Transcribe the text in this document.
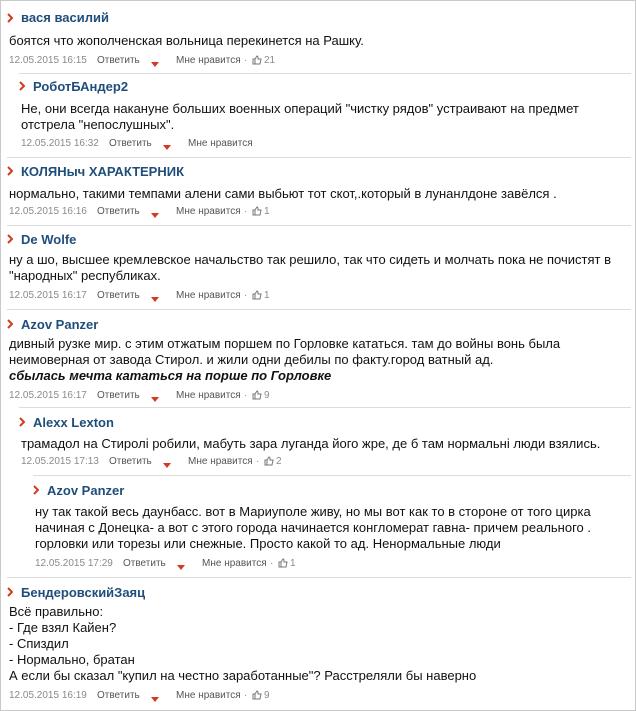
вася василий
боятся что жополченская вольница перекинется на Рашку.
12.05.2015 16:15 Ответить	Мне нравится · 21
РоботБАндер2
Не, они всегда накануне больших военных операций "чистку рядов" устраивают на предмет
отстрела "непослушных".
12.05.2015 16:32 Ответить	Мне нравится
КОЛЯНыч ХАРАКТЕРНИК
нормально, такими темпами алени сами выбьют тот скот,.который в лунанлдоне завёлся .
12.05.2015 16:16 Ответить	Мне нравится · 1
De Wolfe
ну а шо, высшее кремлевское начальство так решило, так что сидеть и молчать пока не почистят в
"народных" республиках.
12.05.2015 16:17 Ответить	Мне нравится · 1
Azov Panzer
дивный рузке мир. с этим отжатым поршем по Горловке кататься. там до войны вонь была
неимоверная от завода Стирол. и жили одни дебилы по факту.город ватный ад.
сбылась мечта кататься на порше по Горловке
12.05.2015 16:17 Ответить	Мне нравится · 9
Alexx Lexton
трамадол на Стиролі робили, мабуть зара луганда його жре, де б там нормальні люди взялись.
12.05.2015 17:13 Ответить	Мне нравится · 2
Azov Panzer
ну так такой весь даунбасс. вот в Мариуполе живу, но мы вот как то в стороне от того цирка
начиная с Донецка- а вот с этого города начинается конгломерат гавна- причем реального .
горловки или торезы или снежные. Просто какой то ад. Ненормальные люди
12.05.2015 17:29 Ответить	Мне нравится · 1
БендеровскийЗаяц
Всё правильно:
- Где взял Кайен?
- Спиздил
- Нормально, братан
А если бы сказал "купил на честно заработанные"? Расстреляли бы наверно
12.05.2015 16:19 Ответить	Мне нравится · 9
